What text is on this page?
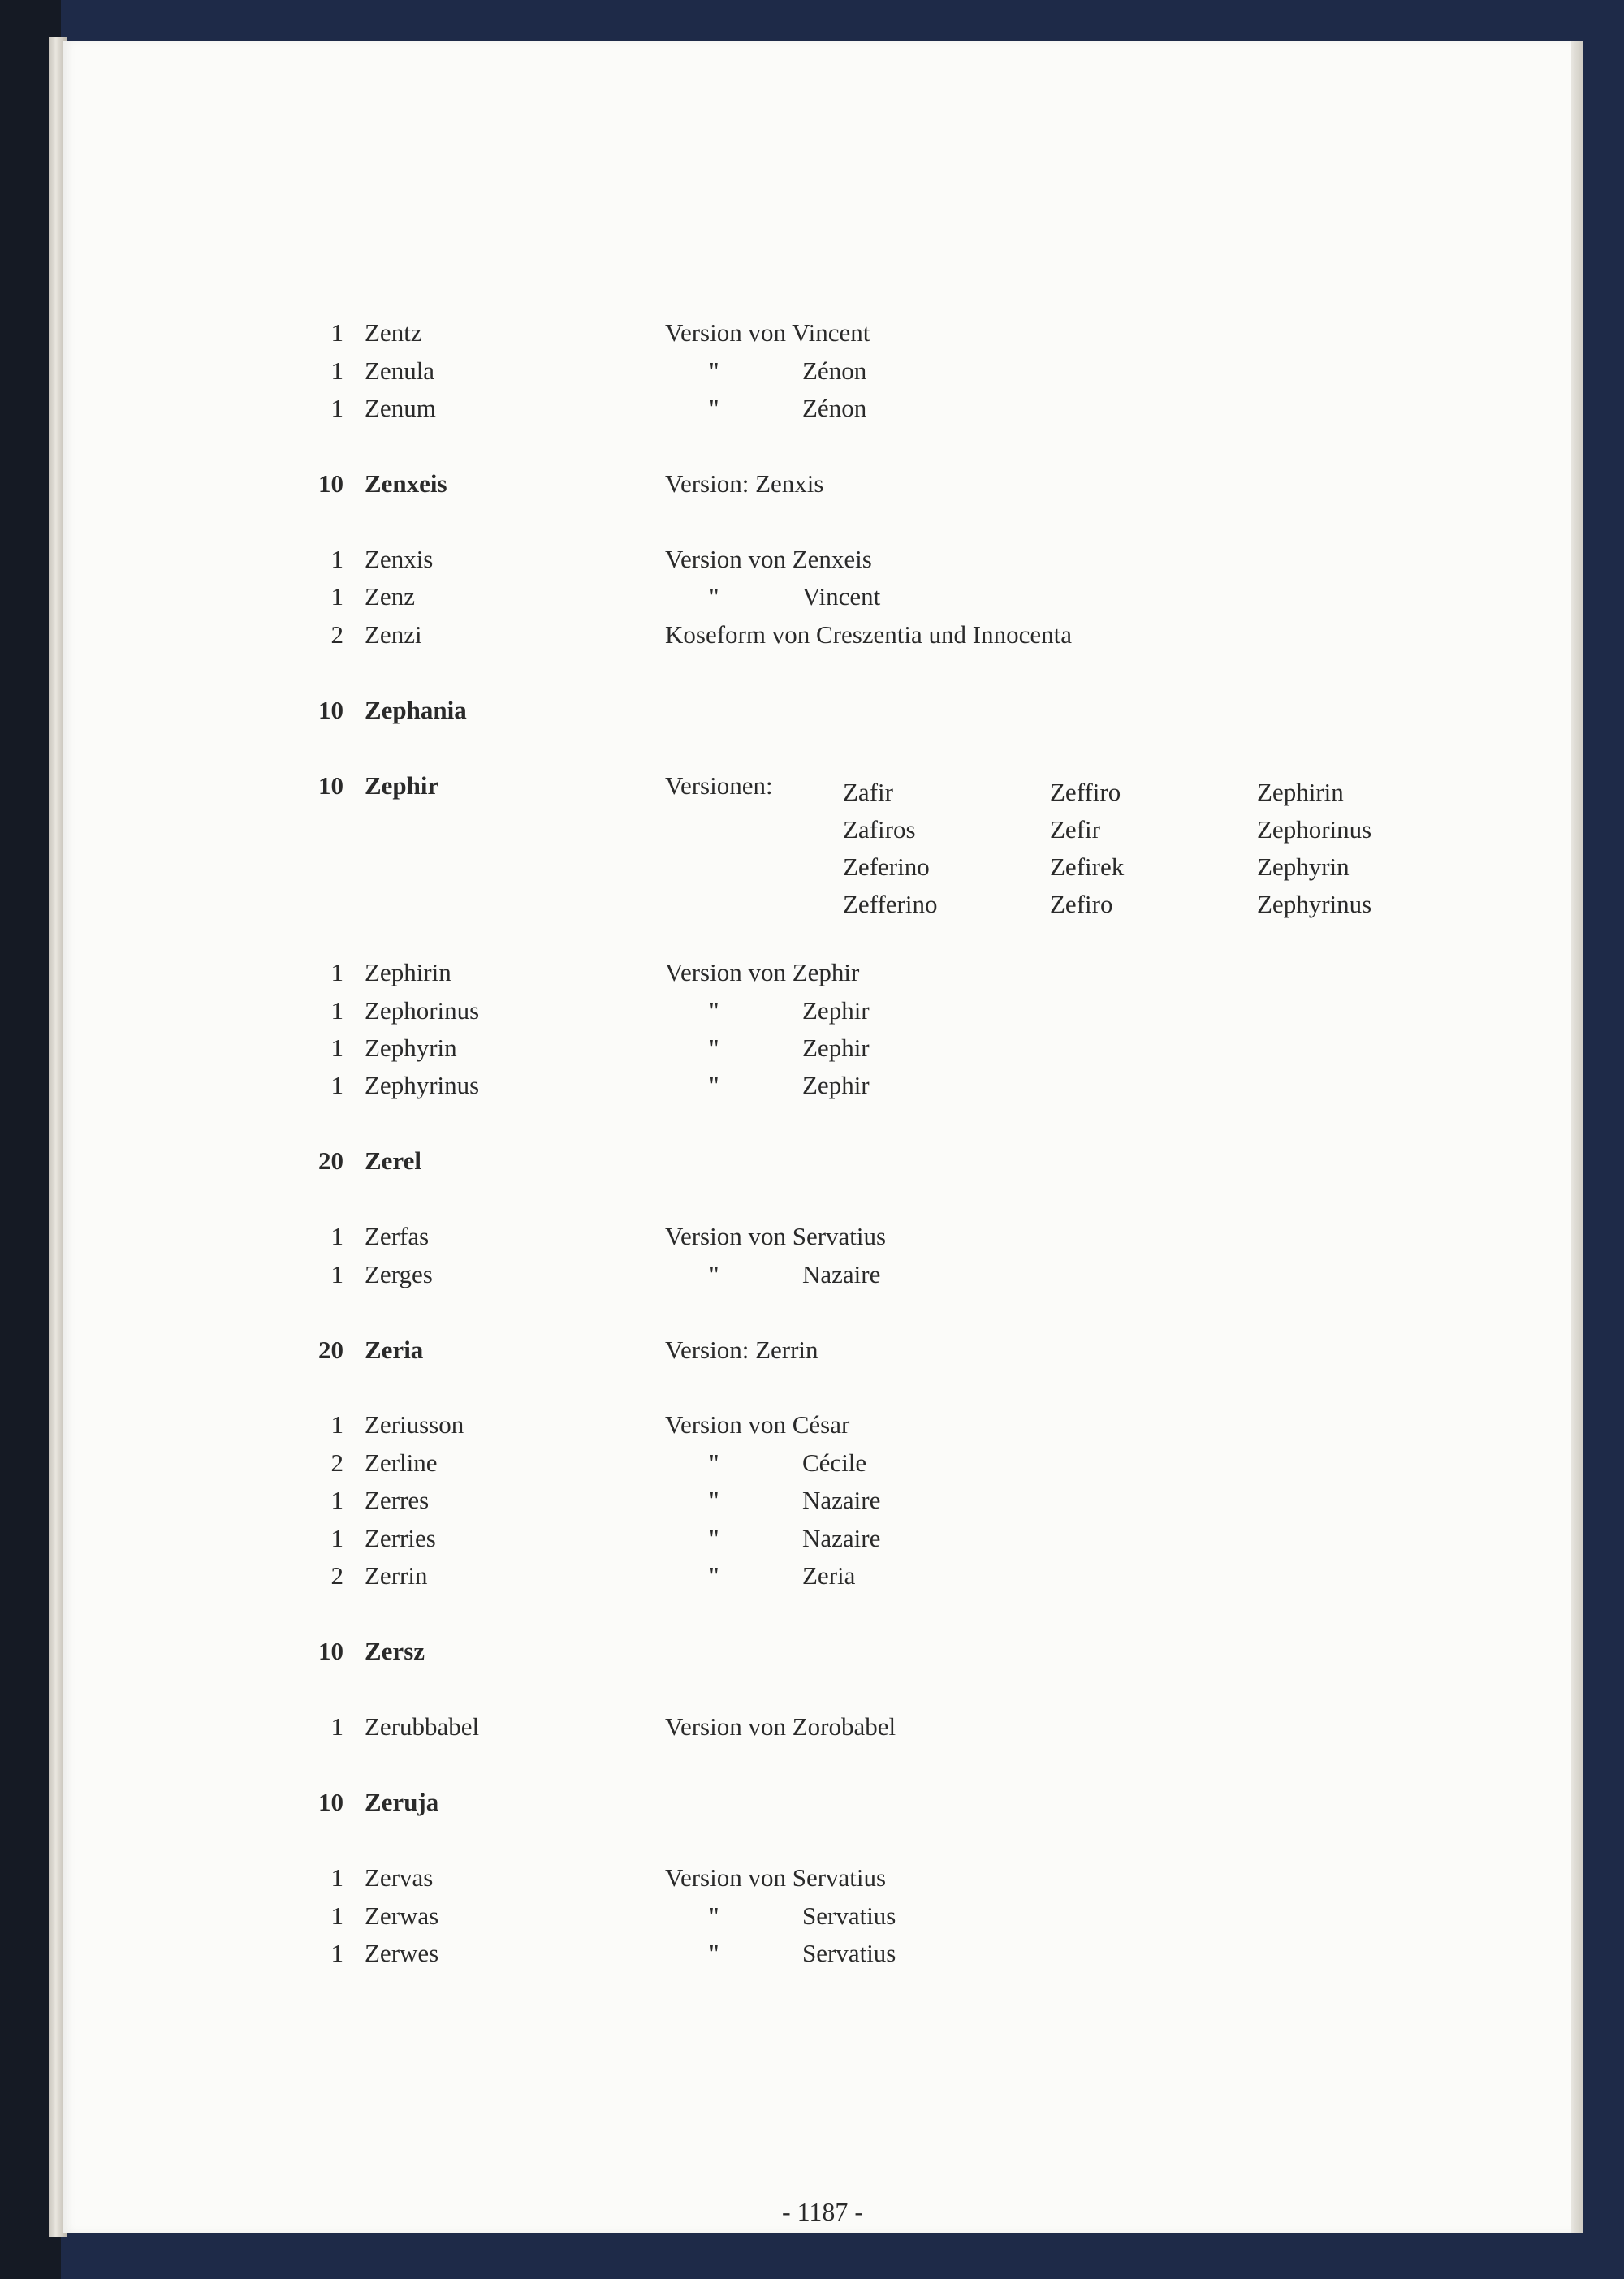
1 Zentz	Version von Vincent
1 Zenula	"	Zénon
1 Zenum	"	Zénon
10 Zenxeis	Version: Zenxis
1 Zenxis	Version von Zenxeis
1 Zenz	"	Vincent
2 Zenzi	Koseform von Creszentia und Innocenta
10 Zephania
10 Zephir	Versionen:	Zafir	Zeffiro	Zephirin
Zafiros	Zefir	Zephorinus
Zeferino	Zefirek	Zephyrin
Zefferino	Zefiro	Zephyrinus
1 Zephirin	Version von Zephir
1 Zephorinus	"	Zephir
1 Zephyrin	"	Zephir
1 Zephyrinus	"	Zephir
20 Zerel
1 Zerfas	Version von Servatius
1 Zerges	"	Nazaire
20 Zeria	Version: Zerrin
1 Zeriusson	Version von César
2 Zerline	"	Cécile
1 Zerres	"	Nazaire
1 Zerries	"	Nazaire
2 Zerrin	"	Zeria
10 Zersz
1 Zerubbabel	Version von Zorobabel
10 Zeruja
1 Zervas	Version von Servatius
1 Zerwas	"	Servatius
1 Zerwes	"	Servatius
- 1187 -
